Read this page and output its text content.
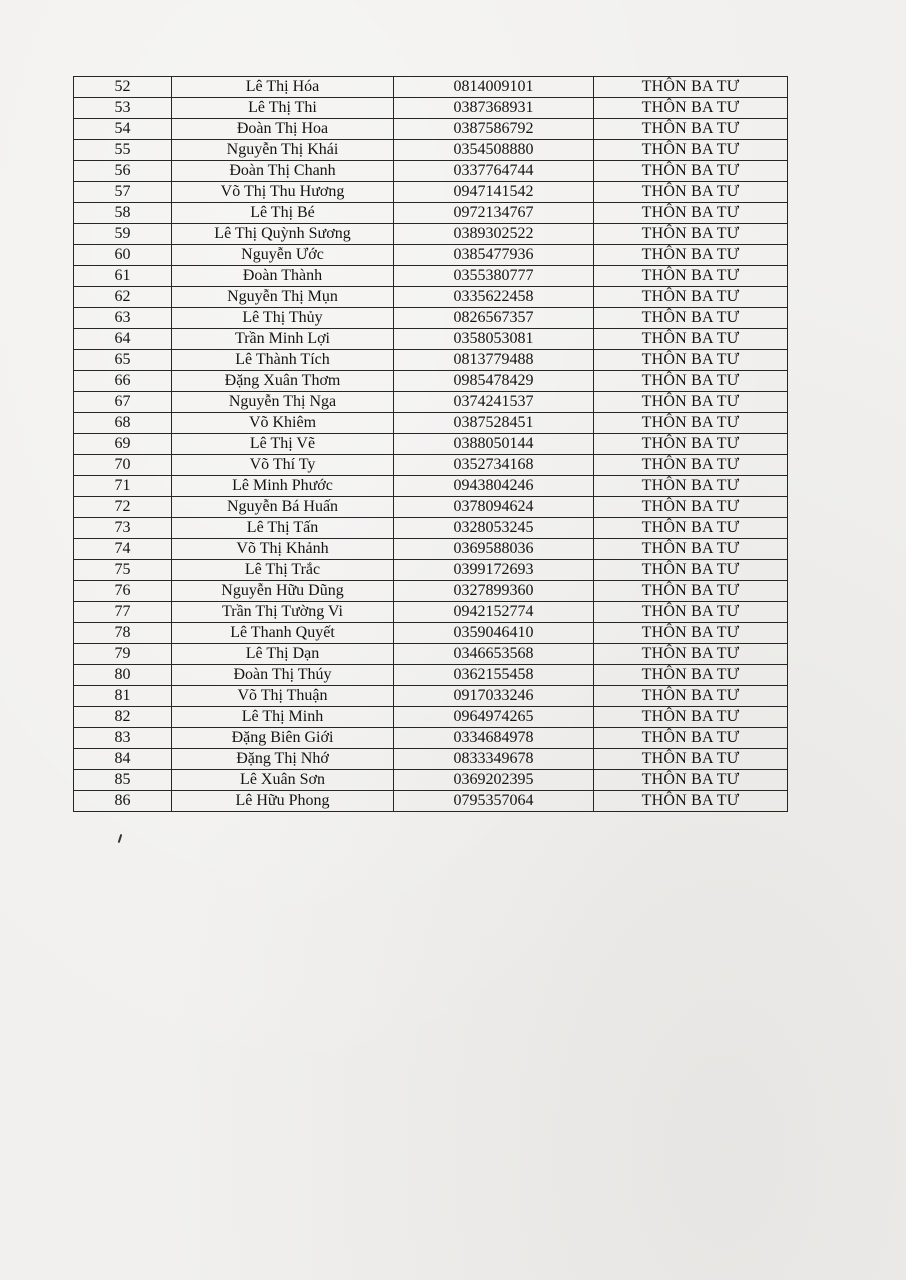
52	Lê Thị Hóa	0814009101	THÔN BA TƯ
53	Lê Thị Thi	0387368931	THÔN BA TƯ
54	Đoàn Thị Hoa	0387586792	THÔN BA TƯ
55	Nguyễn Thị Khái	0354508880	THÔN BA TƯ
56	Đoàn Thị Chanh	0337764744	THÔN BA TƯ
57	Võ Thị Thu Hương	0947141542	THÔN BA TƯ
58	Lê Thị Bé	0972134767	THÔN BA TƯ
59	Lê Thị Quỳnh Sương	0389302522	THÔN BA TƯ
60	Nguyễn Ước	0385477936	THÔN BA TƯ
61	Đoàn Thành	0355380777	THÔN BA TƯ
62	Nguyễn Thị Mụn	0335622458	THÔN BA TƯ
63	Lê Thị Thủy	0826567357	THÔN BA TƯ
64	Trần Minh Lợi	0358053081	THÔN BA TƯ
65	Lê Thành Tích	0813779488	THÔN BA TƯ
66	Đặng Xuân Thơm	0985478429	THÔN BA TƯ
67	Nguyễn Thị Nga	0374241537	THÔN BA TƯ
68	Võ Khiêm	0387528451	THÔN BA TƯ
69	Lê Thị Vẽ	0388050144	THÔN BA TƯ
70	Võ Thí Ty	0352734168	THÔN BA TƯ
71	Lê Minh Phước	0943804246	THÔN BA TƯ
72	Nguyễn Bá Huấn	0378094624	THÔN BA TƯ
73	Lê Thị Tấn	0328053245	THÔN BA TƯ
74	Võ Thị Khảnh	0369588036	THÔN BA TƯ
75	Lê Thị Trắc	0399172693	THÔN BA TƯ
76	Nguyễn Hữu Dũng	0327899360	THÔN BA TƯ
77	Trần Thị Tường Vi	0942152774	THÔN BA TƯ
78	Lê Thanh Quyết	0359046410	THÔN BA TƯ
79	Lê Thị Dạn	0346653568	THÔN BA TƯ
80	Đoàn Thị Thúy	0362155458	THÔN BA TƯ
81	Võ Thị Thuận	0917033246	THÔN BA TƯ
82	Lê Thị Minh	0964974265	THÔN BA TƯ
83	Đặng Biên Giới	0334684978	THÔN BA TƯ
84	Đặng Thị Nhớ	0833349678	THÔN BA TƯ
85	Lê Xuân Sơn	0369202395	THÔN BA TƯ
86	Lê Hữu Phong	0795357064	THÔN BA TƯ
